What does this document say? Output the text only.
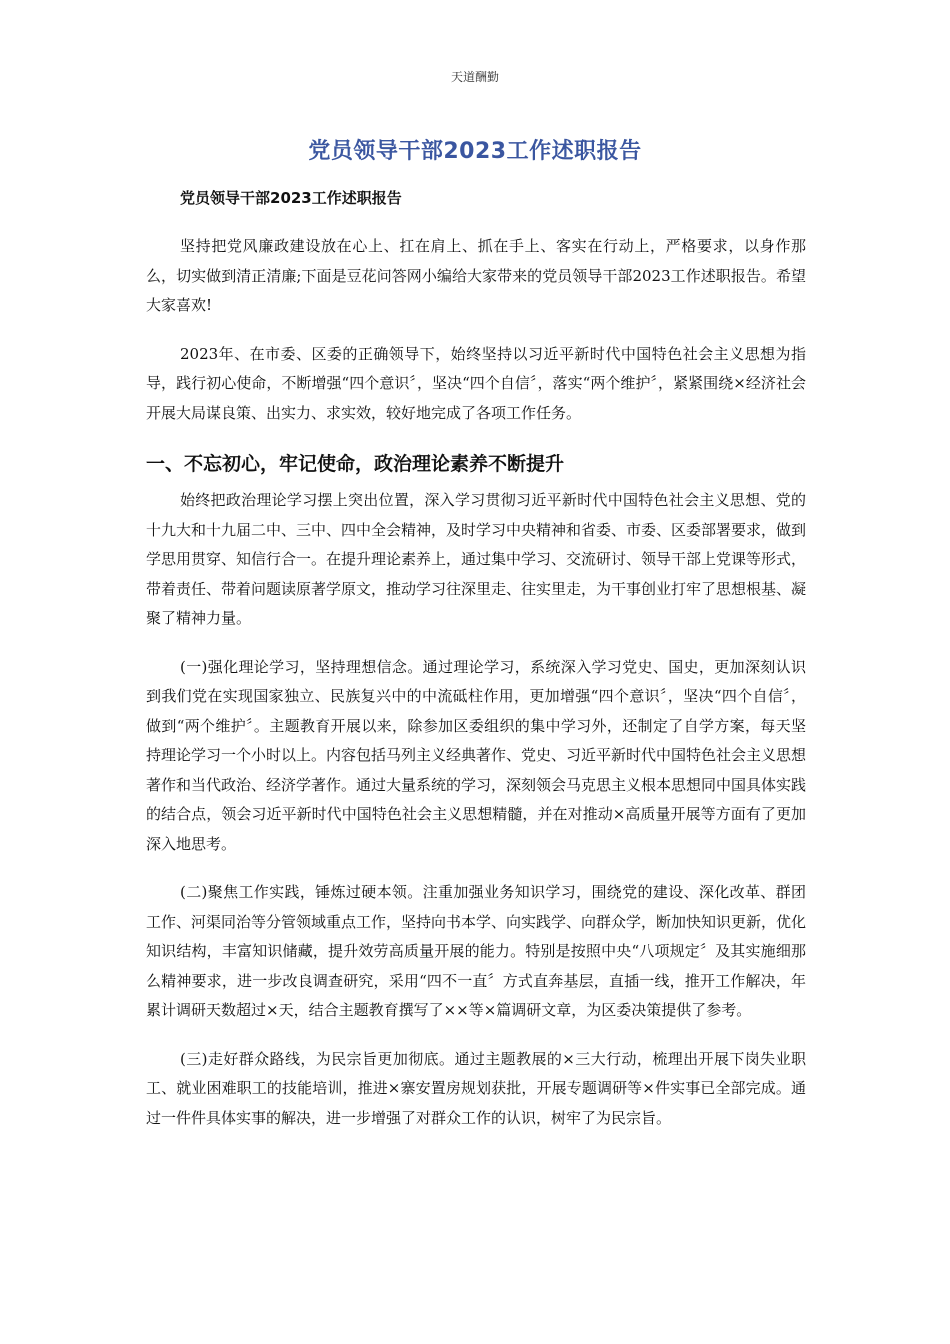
天道酬勤
党员领导干部2023工作述职报告
党员领导干部2023工作述职报告

坚持把党风廉政建设放在心上、扛在肩上、抓在手上、客实在行动上，严格要求，以身作那么，切实做到清正清廉;下面是豆花问答网小编给大家带来的党员领导干部2023工作述职报告。希望大家喜欢!

2023年、在市委、区委的正确领导下，始终坚持以习近平新时代中国特色社会主义思想为指导，践行初心使命，不断增强“四个意识〞，坚决“四个自信〞，落实“两个维护〞，紧紧围绕×经济社会开展大局谋良策、出实力、求实效，较好地完成了各项工作任务。

一、不忘初心，牢记使命，政治理论素养不断提升

始终把政治理论学习摆上突出位置，深入学习贯彻习近平新时代中国特色社会主义思想、党的十九大和十九届二中、三中、四中全会精神，及时学习中央精神和省委、市委、区委部署要求，做到学思用贯穿、知信行合一。在提升理论素养上，通过集中学习、交流研讨、领导干部上党课等形式，带着责任、带着问题读原著学原文，推动学习往深里走、往实里走，为干事创业打牢了思想根基、凝聚了精神力量。

(一)强化理论学习，坚持理想信念。通过理论学习，系统深入学习党史、国史，更加深刻认识到我们党在实现国家独立、民族复兴中的中流砥柱作用，更加增强“四个意识〞，坚决“四个自信〞，做到“两个维护〞。主题教育开展以来，除参加区委组织的集中学习外，还制定了自学方案，每天坚持理论学习一个小时以上。内容包括马列主义经典著作、党史、习近平新时代中国特色社会主义思想著作和当代政治、经济学著作。通过大量系统的学习，深刻领会马克思主义根本思想同中国具体实践的结合点，领会习近平新时代中国特色社会主义思想精髓，并在对推动×高质量开展等方面有了更加深入地思考。

(二)聚焦工作实践，锤炼过硬本领。注重加强业务知识学习，围绕党的建设、深化改革、群团工作、河渠同治等分管领域重点工作，坚持向书本学、向实践学、向群众学，断加快知识更新，优化知识结构，丰富知识储藏，提升效劳高质量开展的能力。特别是按照中央“八项规定〞及其实施细那么精神要求，进一步改良调查研究，采用“四不一直〞方式直奔基层，直插一线，推开工作解决，年累计调研天数超过×天，结合主题教育撰写了××等×篇调研文章，为区委决策提供了参考。

(三)走好群众路线，为民宗旨更加彻底。通过主题教展的×三大行动，梳理出开展下岗失业职工、就业困难职工的技能培训，推进×寨安置房规划获批，开展专题调研等×件实事已全部完成。通过一件件具体实事的解决，进一步增强了对群众工作的认识，树牢了为民宗旨。
